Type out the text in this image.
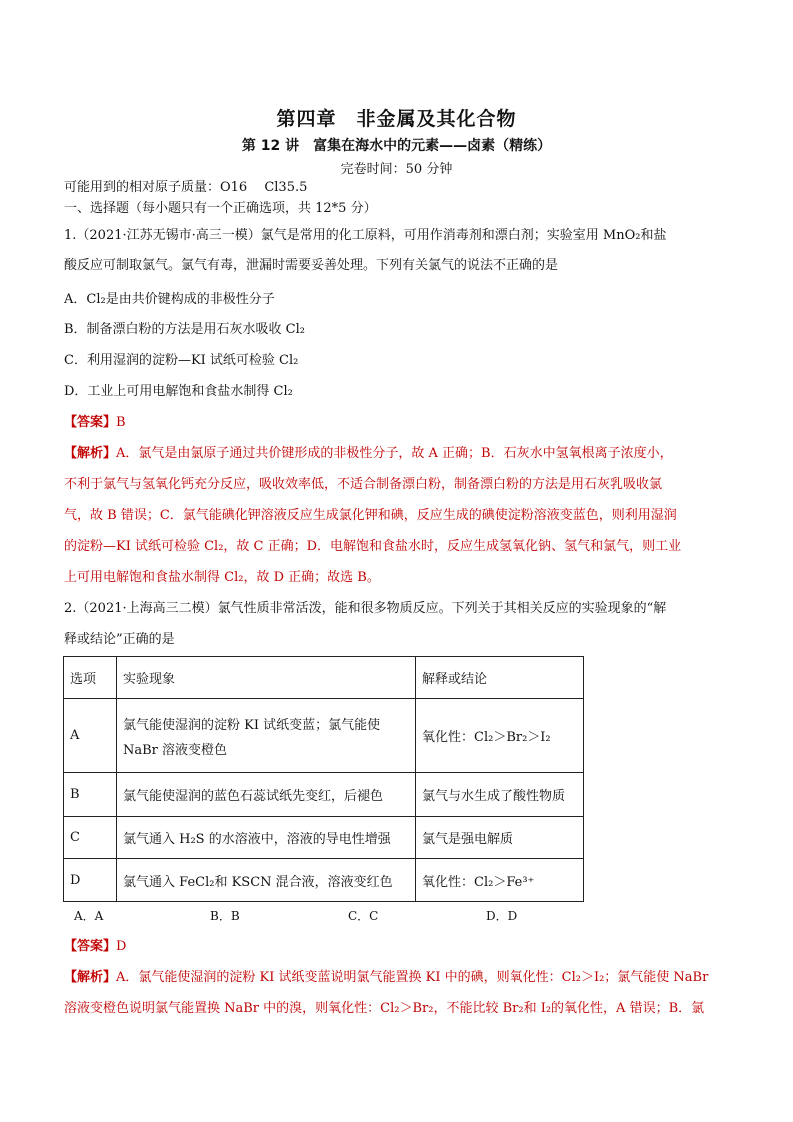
第四章　非金属及其化合物
第 12 讲　富集在海水中的元素——卤素（精练）
完卷时间：50 分钟
可能用到的相对原子质量：O16　 Cl35.5
一、选择题（每小题只有一个正确选项，共 12*5 分）
1.（2021·江苏无锡市·高三一模）氯气是常用的化工原料，可用作消毒剂和漂白剂；实验室用 MnO₂和盐
酸反应可制取氯气。氯气有毒，泄漏时需要妥善处理。下列有关氯气的说法不正确的是
A．Cl₂是由共价键构成的非极性分子
B．制备漂白粉的方法是用石灰水吸收 Cl₂
C．利用湿润的淀粉—KI 试纸可检验 Cl₂
D．工业上可用电解饱和食盐水制得 Cl₂
【答案】B
【解析】A．氯气是由氯原子通过共价键形成的非极性分子，故 A 正确；B．石灰水中氢氧根离子浓度小，
不利于氯气与氢氧化钙充分反应，吸收效率低，不适合制备漂白粉，制备漂白粉的方法是用石灰乳吸收氯
气，故 B 错误；C．氯气能碘化钾溶液反应生成氯化钾和碘，反应生成的碘使淀粉溶液变蓝色，则利用湿润
的淀粉—KI 试纸可检验 Cl₂，故 C 正确；D．电解饱和食盐水时，反应生成氢氧化钠、氢气和氯气，则工业
上可用电解饱和食盐水制得 Cl₂，故 D 正确；故选 B。
2.（2021·上海高三二模）氯气性质非常活泼，能和很多物质反应。下列关于其相关反应的实验现象的“解
释或结论”正确的是
选项	实验现象	解释或结论
A	氯气能使湿润的淀粉 KI 试纸变蓝；氯气能使
NaBr 溶液变橙色	氧化性：Cl₂＞Br₂＞I₂
B	氯气能使湿润的蓝色石蕊试纸先变红，后褪色	氯气与水生成了酸性物质
C	氯气通入 H₂S 的水溶液中，溶液的导电性增强	氯气是强电解质
D	氯气通入 FeCl₂和 KSCN 混合液，溶液变红色	氧化性：Cl₂＞Fe³⁺
A．A	B．B	C．C	D．D
【答案】D
【解析】A．氯气能使湿润的淀粉 KI 试纸变蓝说明氯气能置换 KI 中的碘，则氧化性：Cl₂＞I₂；氯气能使 NaBr
溶液变橙色说明氯气能置换 NaBr 中的溴，则氧化性：Cl₂＞Br₂，不能比较 Br₂和 I₂的氧化性，A 错误；B．氯
